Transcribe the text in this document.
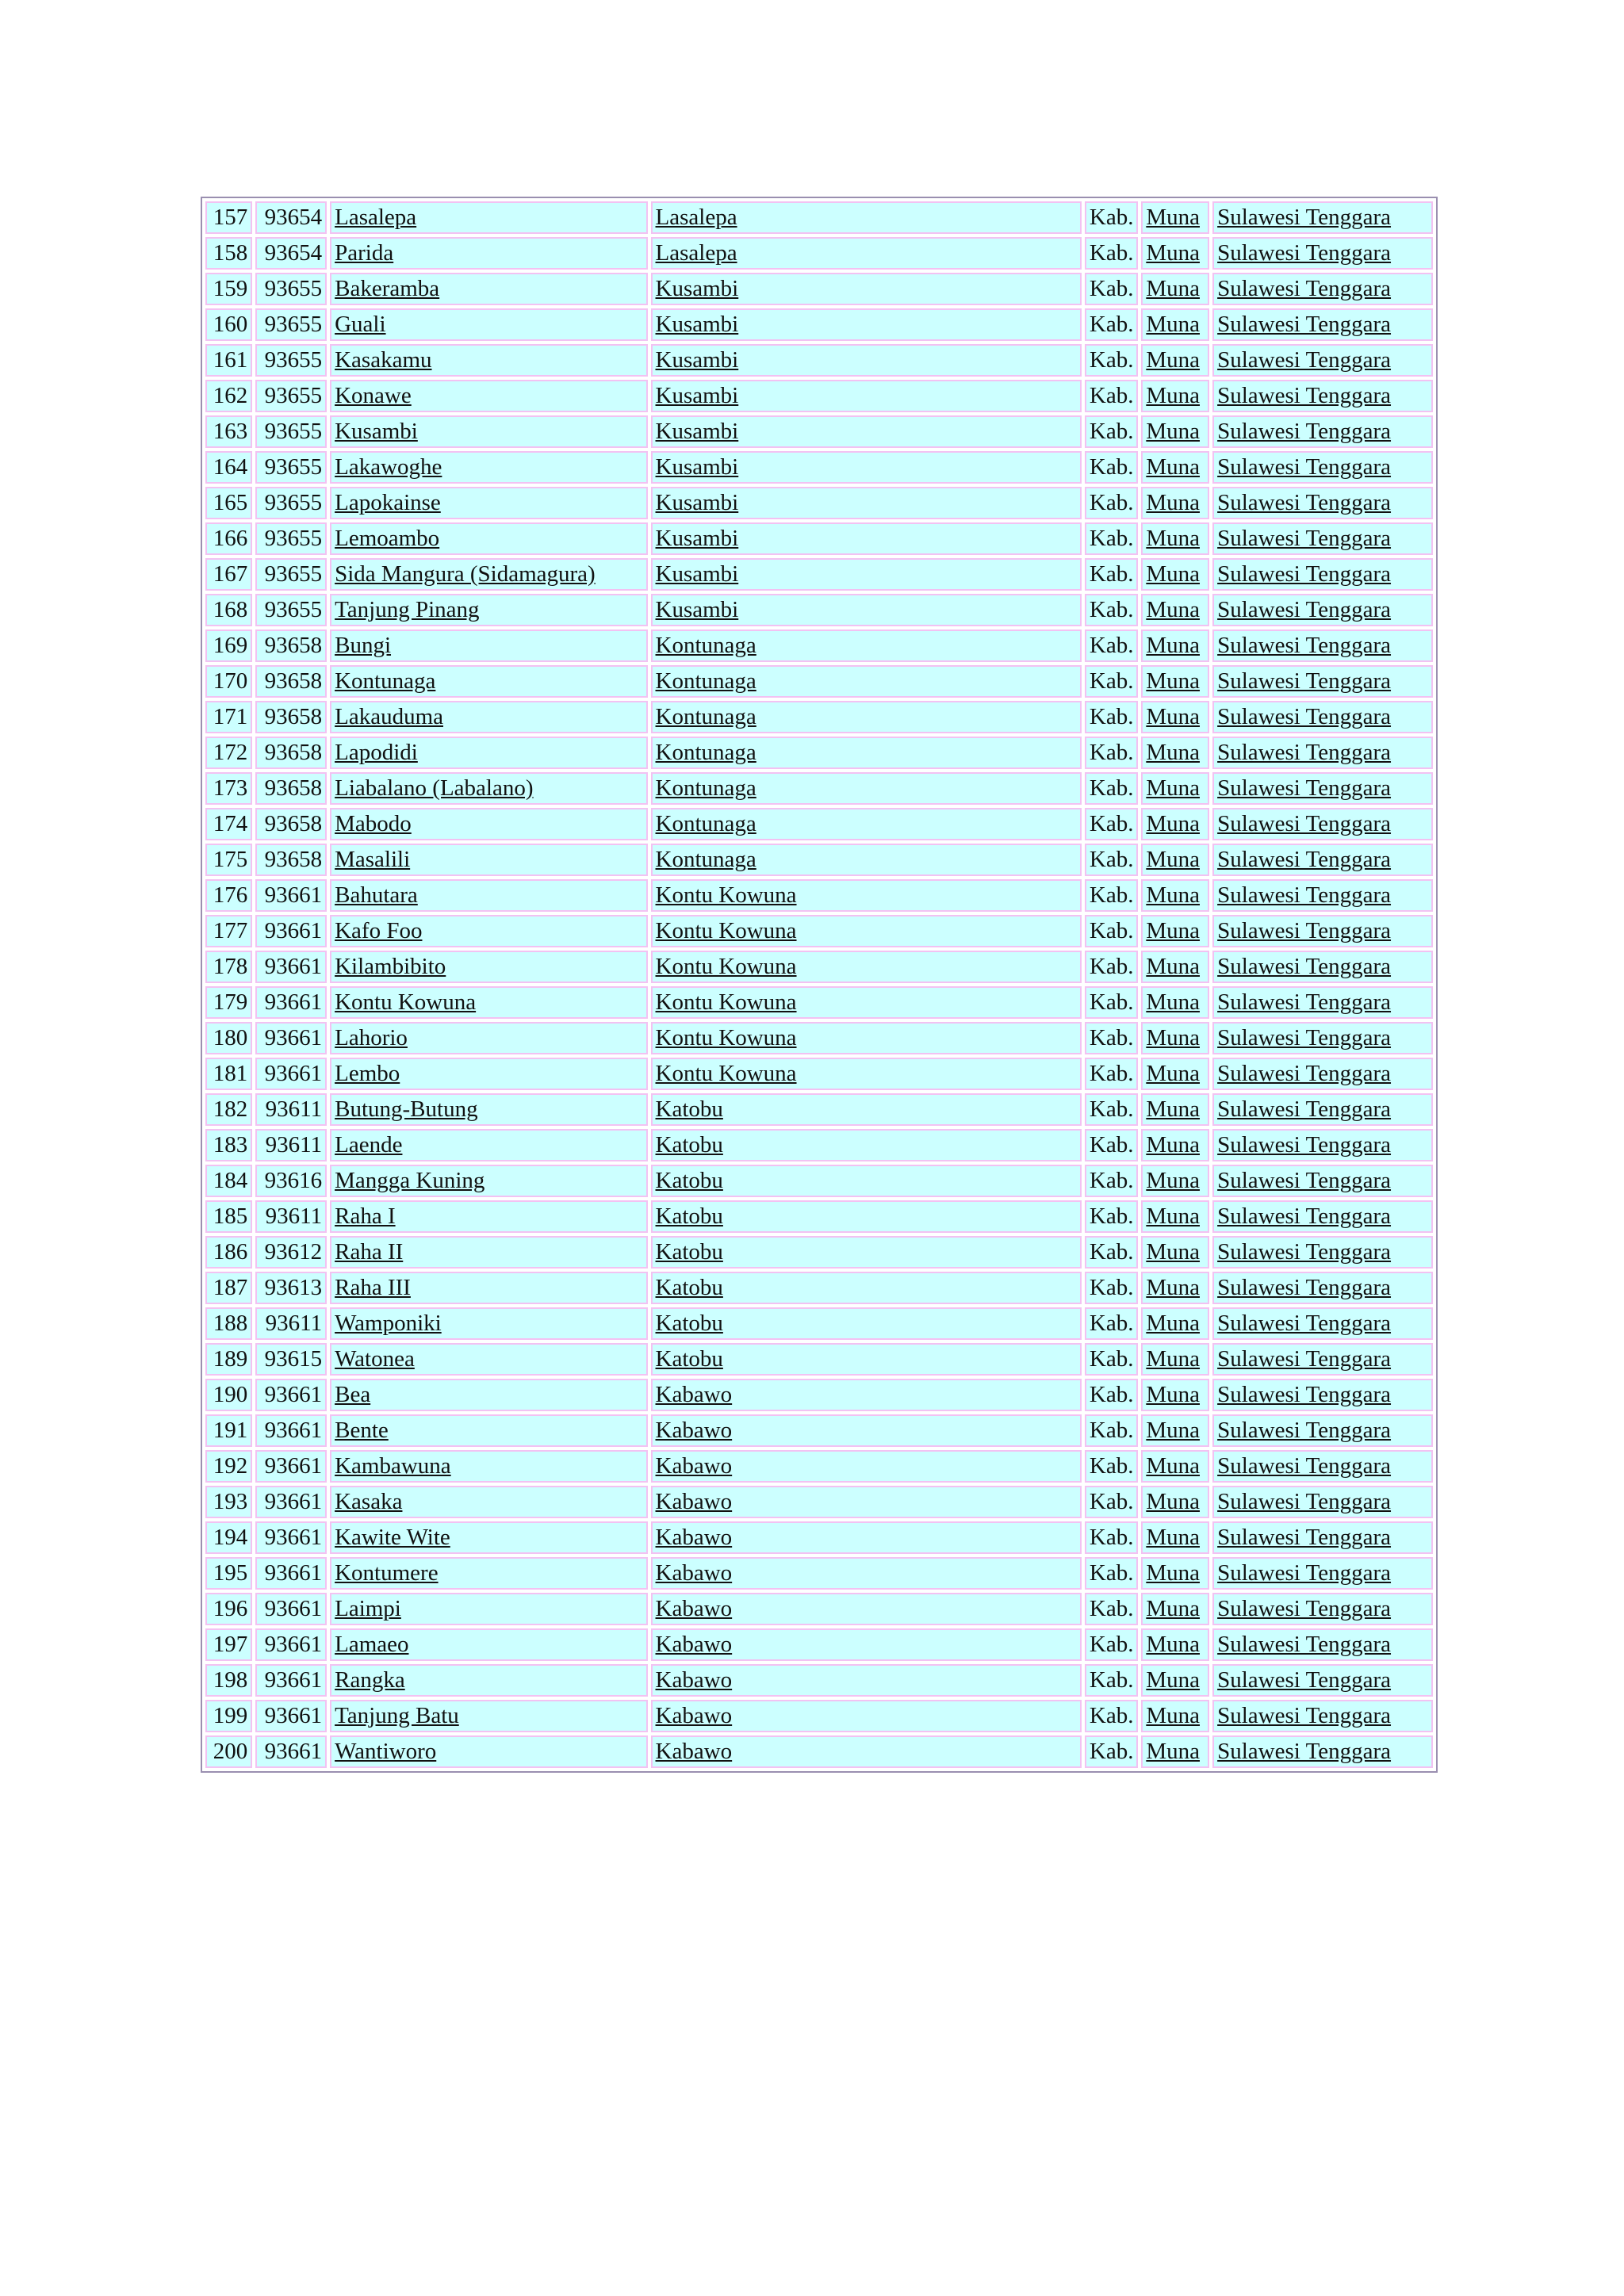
157	93654	Lasalepa	Lasalepa	Kab.	Muna	Sulawesi Tenggara
158	93654	Parida	Lasalepa	Kab.	Muna	Sulawesi Tenggara
159	93655	Bakeramba	Kusambi	Kab.	Muna	Sulawesi Tenggara
160	93655	Guali	Kusambi	Kab.	Muna	Sulawesi Tenggara
161	93655	Kasakamu	Kusambi	Kab.	Muna	Sulawesi Tenggara
162	93655	Konawe	Kusambi	Kab.	Muna	Sulawesi Tenggara
163	93655	Kusambi	Kusambi	Kab.	Muna	Sulawesi Tenggara
164	93655	Lakawoghe	Kusambi	Kab.	Muna	Sulawesi Tenggara
165	93655	Lapokainse	Kusambi	Kab.	Muna	Sulawesi Tenggara
166	93655	Lemoambo	Kusambi	Kab.	Muna	Sulawesi Tenggara
167	93655	Sida Mangura (Sidamagura)	Kusambi	Kab.	Muna	Sulawesi Tenggara
168	93655	Tanjung Pinang	Kusambi	Kab.	Muna	Sulawesi Tenggara
169	93658	Bungi	Kontunaga	Kab.	Muna	Sulawesi Tenggara
170	93658	Kontunaga	Kontunaga	Kab.	Muna	Sulawesi Tenggara
171	93658	Lakauduma	Kontunaga	Kab.	Muna	Sulawesi Tenggara
172	93658	Lapodidi	Kontunaga	Kab.	Muna	Sulawesi Tenggara
173	93658	Liabalano (Labalano)	Kontunaga	Kab.	Muna	Sulawesi Tenggara
174	93658	Mabodo	Kontunaga	Kab.	Muna	Sulawesi Tenggara
175	93658	Masalili	Kontunaga	Kab.	Muna	Sulawesi Tenggara
176	93661	Bahutara	Kontu Kowuna	Kab.	Muna	Sulawesi Tenggara
177	93661	Kafo Foo	Kontu Kowuna	Kab.	Muna	Sulawesi Tenggara
178	93661	Kilambibito	Kontu Kowuna	Kab.	Muna	Sulawesi Tenggara
179	93661	Kontu Kowuna	Kontu Kowuna	Kab.	Muna	Sulawesi Tenggara
180	93661	Lahorio	Kontu Kowuna	Kab.	Muna	Sulawesi Tenggara
181	93661	Lembo	Kontu Kowuna	Kab.	Muna	Sulawesi Tenggara
182	93611	Butung-Butung	Katobu	Kab.	Muna	Sulawesi Tenggara
183	93611	Laende	Katobu	Kab.	Muna	Sulawesi Tenggara
184	93616	Mangga Kuning	Katobu	Kab.	Muna	Sulawesi Tenggara
185	93611	Raha I	Katobu	Kab.	Muna	Sulawesi Tenggara
186	93612	Raha II	Katobu	Kab.	Muna	Sulawesi Tenggara
187	93613	Raha III	Katobu	Kab.	Muna	Sulawesi Tenggara
188	93611	Wamponiki	Katobu	Kab.	Muna	Sulawesi Tenggara
189	93615	Watonea	Katobu	Kab.	Muna	Sulawesi Tenggara
190	93661	Bea	Kabawo	Kab.	Muna	Sulawesi Tenggara
191	93661	Bente	Kabawo	Kab.	Muna	Sulawesi Tenggara
192	93661	Kambawuna	Kabawo	Kab.	Muna	Sulawesi Tenggara
193	93661	Kasaka	Kabawo	Kab.	Muna	Sulawesi Tenggara
194	93661	Kawite Wite	Kabawo	Kab.	Muna	Sulawesi Tenggara
195	93661	Kontumere	Kabawo	Kab.	Muna	Sulawesi Tenggara
196	93661	Laimpi	Kabawo	Kab.	Muna	Sulawesi Tenggara
197	93661	Lamaeo	Kabawo	Kab.	Muna	Sulawesi Tenggara
198	93661	Rangka	Kabawo	Kab.	Muna	Sulawesi Tenggara
199	93661	Tanjung Batu	Kabawo	Kab.	Muna	Sulawesi Tenggara
200	93661	Wantiworo	Kabawo	Kab.	Muna	Sulawesi Tenggara
